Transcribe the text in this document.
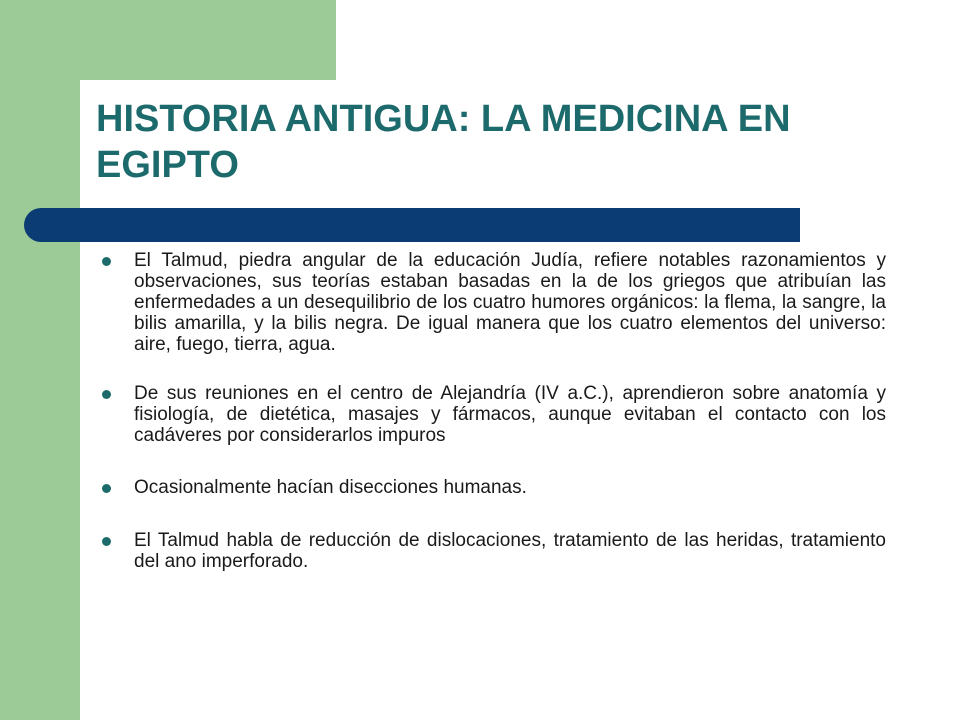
HISTORIA ANTIGUA: LA MEDICINA EN EGIPTO
El Talmud, piedra angular de la educación Judía, refiere notables razonamientos y observaciones, sus teorías estaban basadas en la de los griegos que atribuían las enfermedades a un desequilibrio de los cuatro humores orgánicos: la flema, la sangre, la bilis amarilla, y la bilis negra. De igual manera que los cuatro elementos del universo: aire, fuego, tierra, agua.
De sus reuniones en el centro de Alejandría (IV a.C.), aprendieron sobre anatomía y fisiología, de dietética, masajes y fármacos, aunque evitaban el contacto con los cadáveres por considerarlos impuros
Ocasionalmente hacían disecciones humanas.
El Talmud habla de reducción de dislocaciones, tratamiento de las heridas, tratamiento del ano imperforado.
